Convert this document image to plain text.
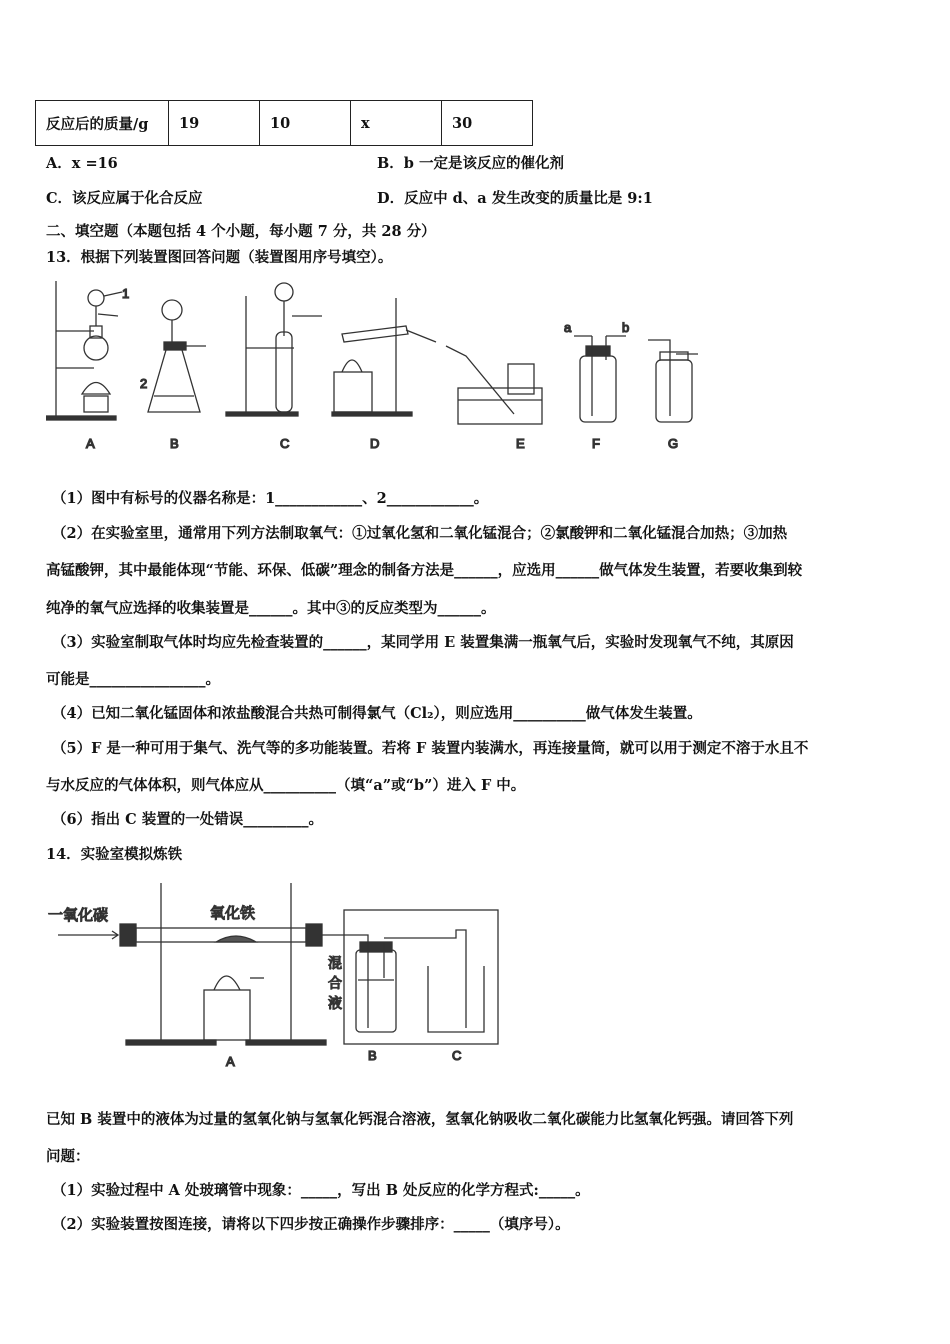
反应后的质量/g	19	10	x	30
A．x =16	B．b 一定是该反应的催化剂
C．该反应属于化合反应	D．反应中 d、a 发生改变的质量比是 9:1
二、填空题（本题包括 4 个小题，每小题 7 分，共 28 分）
13．根据下列装置图回答问题（装置图用序号填空）。
1
2
a	b
A	B	C	D	E	F	G
（1）图中有标号的仪器名称是：1____________、2____________。
（2）在实验室里，通常用下列方法制取氧气：①过氧化氢和二氧化锰混合；②氯酸钾和二氧化锰混合加热；③加热
高锰酸钾，其中最能体现“节能、环保、低碳”理念的制备方法是______，应选用______做气体发生装置，若要收集到较
纯净的氧气应选择的收集装置是______。其中③的反应类型为______。
（3）实验室制取气体时均应先检查装置的______，某同学用 E 装置集满一瓶氧气后，实验时发现氧气不纯，其原因
可能是________________。
（4）已知二氧化锰固体和浓盐酸混合共热可制得氯气（Cl₂），则应选用__________做气体发生装置。
（5）F 是一种可用于集气、洗气等的多功能装置。若将 F 装置内装满水，再连接量筒，就可以用于测定不溶于水且不
与水反应的气体体积，则气体应从__________（填“a”或“b”）进入 F 中。
（6）指出 C 装置的一处错误_________。
14．实验室模拟炼铁
一氧化碳	氧化铁
混
合
液
A	B	C
已知 B 装置中的液体为过量的氢氧化钠与氢氧化钙混合溶液，氢氧化钠吸收二氧化碳能力比氢氧化钙强。请回答下列
问题：
（1）实验过程中 A 处玻璃管中现象：_____，写出 B 处反应的化学方程式:_____。
（2）实验装置按图连接，请将以下四步按正确操作步骤排序：_____（填序号）。
